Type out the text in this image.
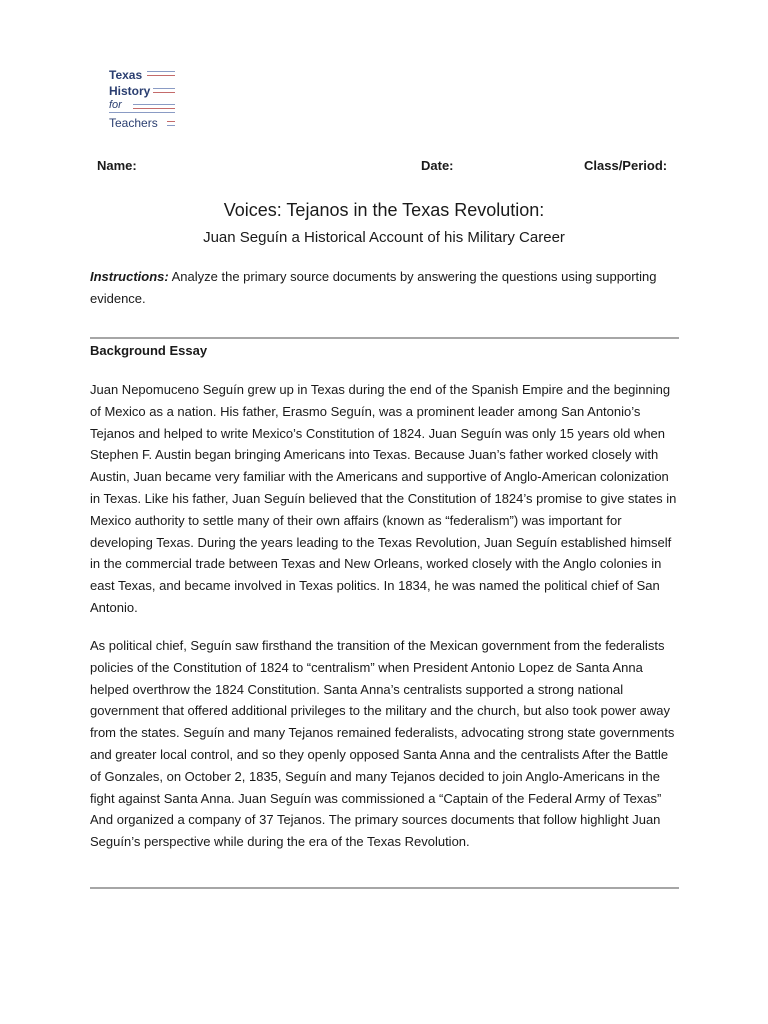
Texas
History
for
Teachers
Name:	Date:	Class/Period:
Voices: Tejanos in the Texas Revolution:
Juan Seguín a Historical Account of his Military Career
Instructions: Analyze the primary source documents by answering the questions using supporting evidence.
Background Essay
Juan Nepomuceno Seguín grew up in Texas during the end of the Spanish Empire and the beginning of Mexico as a nation. His father, Erasmo Seguín, was a prominent leader among San Antonio’s Tejanos and helped to write Mexico’s Constitution of 1824. Juan Seguín was only 15 years old when Stephen F. Austin began bringing Americans into Texas. Because Juan’s father worked closely with Austin, Juan became very familiar with the Americans and supportive of Anglo-American colonization in Texas. Like his father, Juan Seguín believed that the Constitution of 1824’s promise to give states in Mexico authority to settle many of their own affairs (known as “federalism”) was important for developing Texas. During the years leading to the Texas Revolution, Juan Seguín established himself in the commercial trade between Texas and New Orleans, worked closely with the Anglo colonies in east Texas, and became involved in Texas politics. In 1834, he was named the political chief of San Antonio.
As political chief, Seguín saw firsthand the transition of the Mexican government from the federalists policies of the Constitution of 1824 to “centralism” when President Antonio Lopez de Santa Anna helped overthrow the 1824 Constitution. Santa Anna’s centralists supported a strong national government that offered additional privileges to the military and the church, but also took power away from the states. Seguín and many Tejanos remained federalists, advocating strong state governments and greater local control, and so they openly opposed Santa Anna and the centralists After the Battle of Gonzales, on October 2, 1835, Seguín and many Tejanos decided to join Anglo-Americans in the fight against Santa Anna. Juan Seguín was commissioned a “Captain of the Federal Army of Texas” And organized a company of 37 Tejanos. The primary sources documents that follow highlight Juan Seguín’s perspective while during the era of the Texas Revolution.
